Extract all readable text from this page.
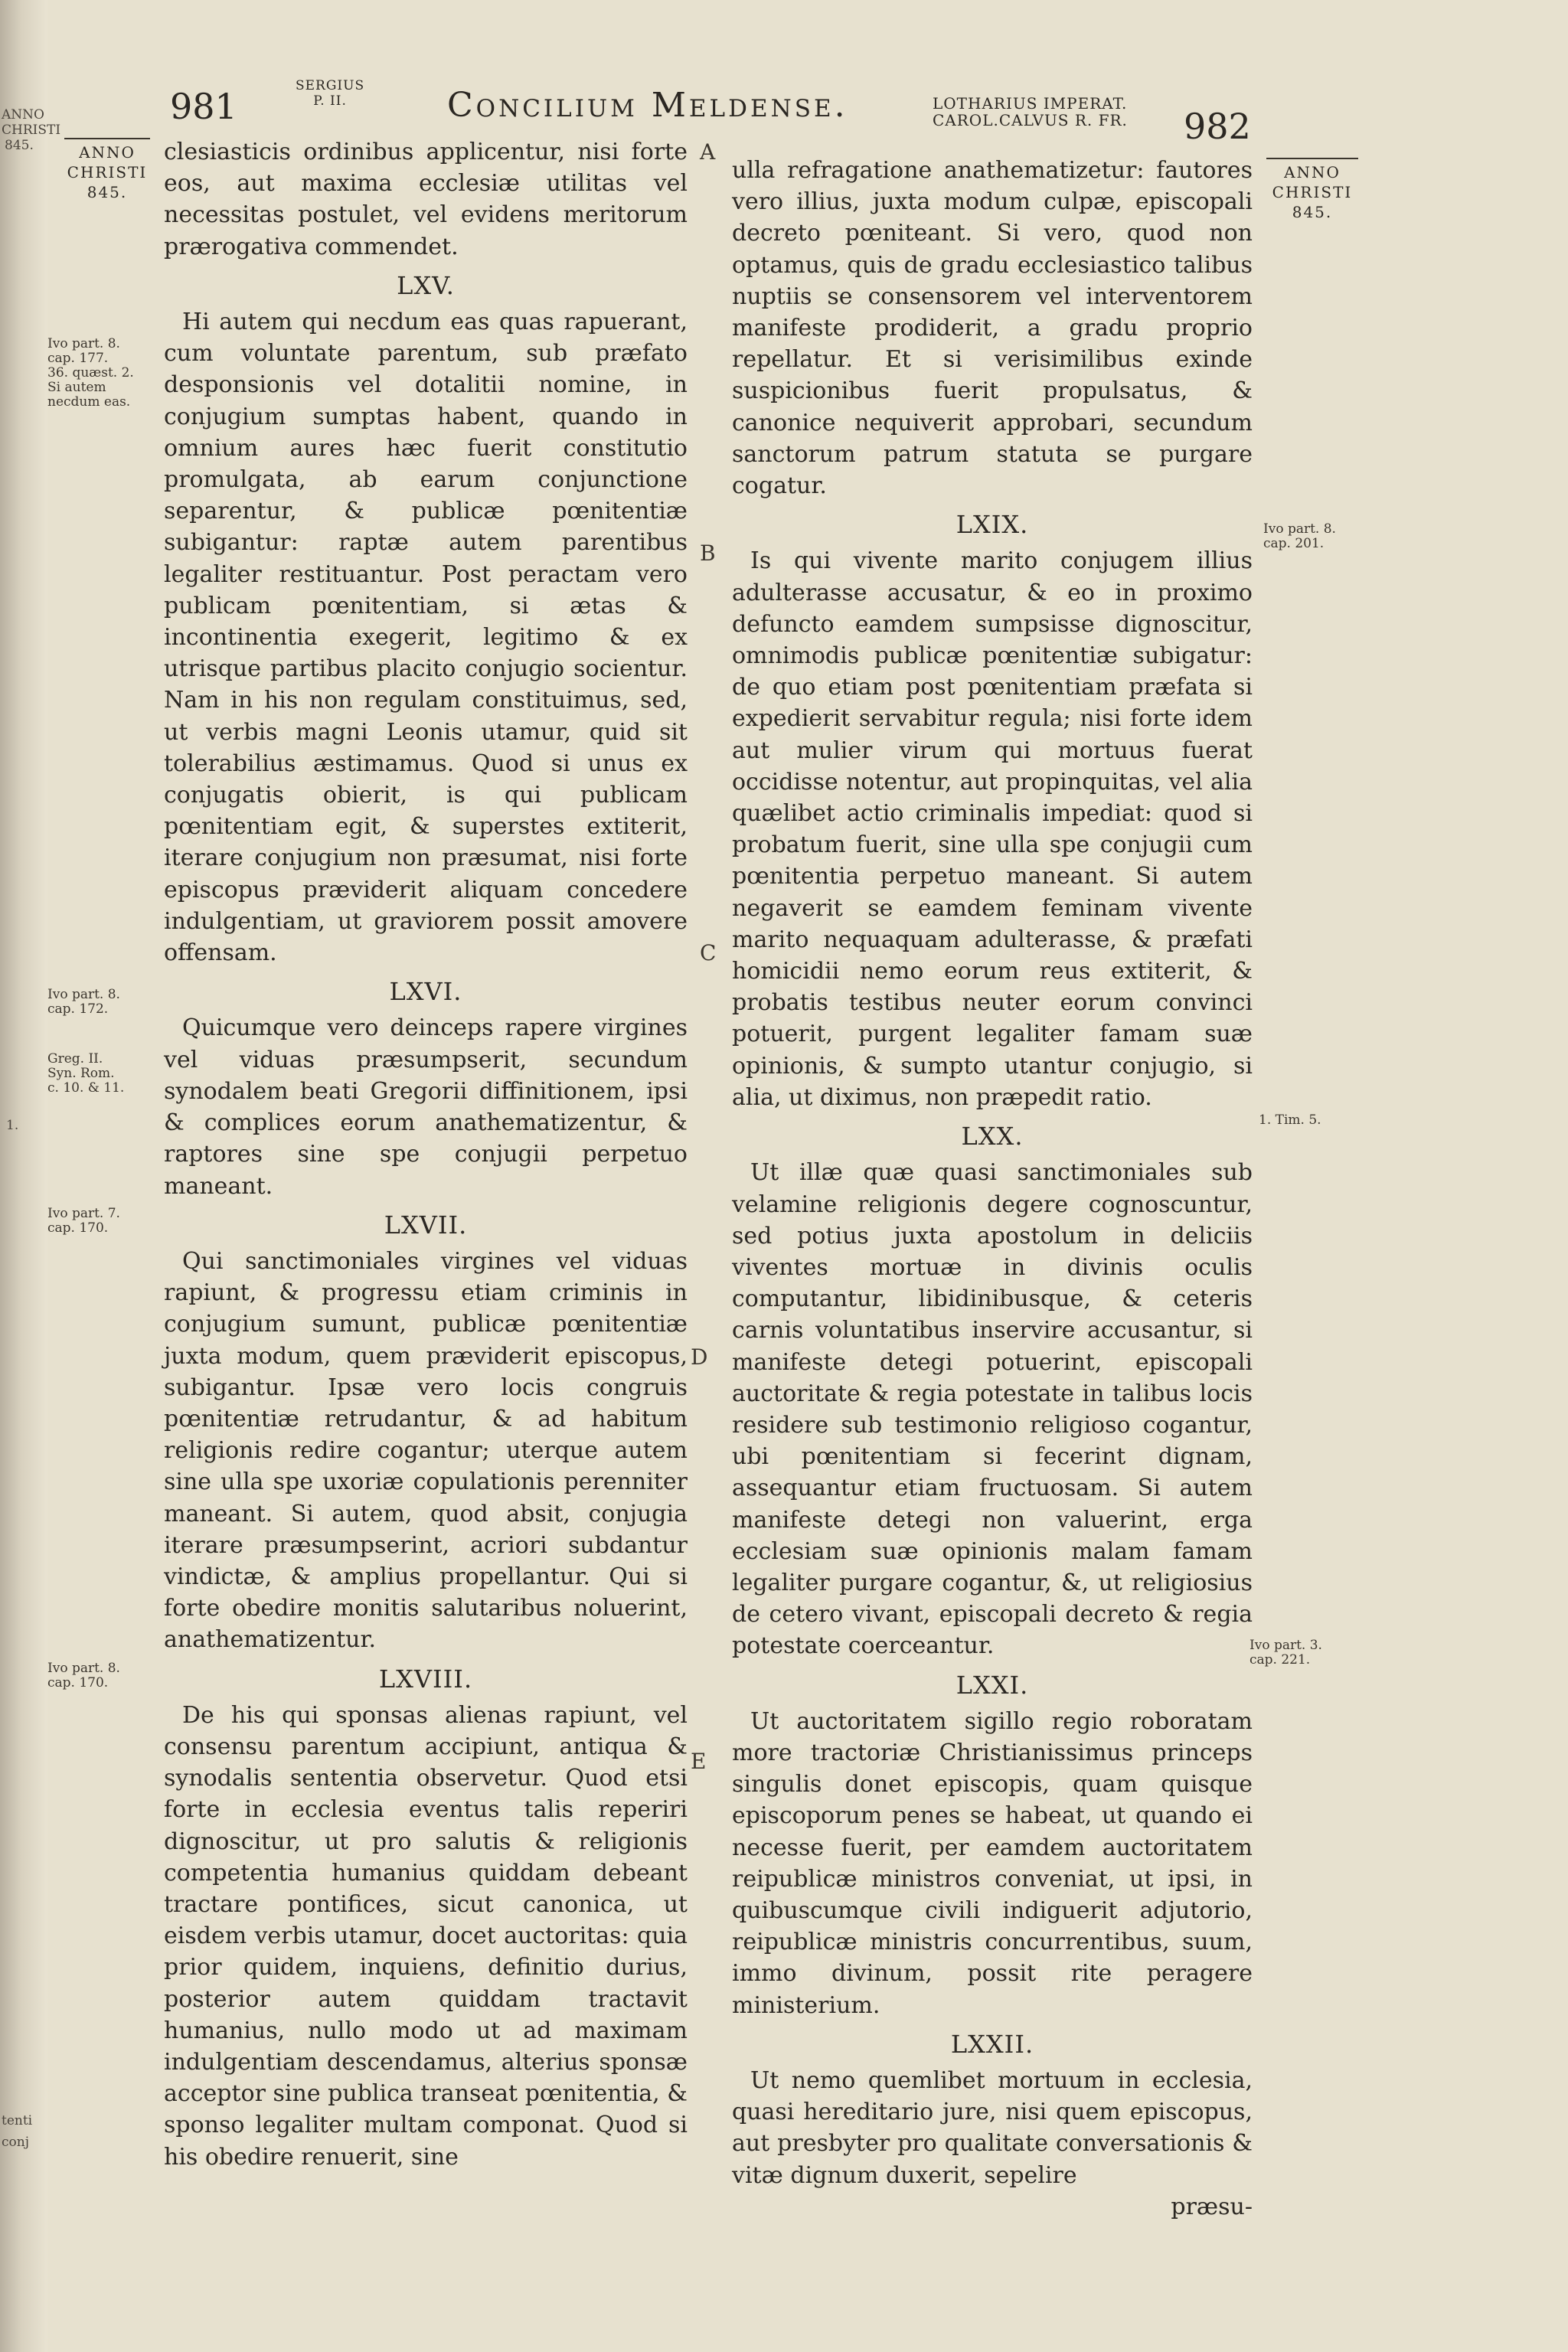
ANNO
CHRISTI
845.
1.
tenti
conj
981	SERGIUS
P. II.	Concilium Meldense.	LOTHARIUS IMPERAT.
CAROL.CALVUS R. FR. 982
ANNO
CHRISTI
845.
ANNO
CHRISTI
845.
Ivo part. 8.
cap. 177.
36. quæst. 2.
Si autem
necdum eas.
Ivo part. 8.
cap. 172.
Greg. II.
Syn. Rom.
c. 10. & 11.
Ivo part. 7.
cap. 170.
Ivo part. 8.
cap. 170.
Ivo part. 8.
cap. 201.
1. Tim. 5.
Ivo part. 3.
cap. 221.
A
B
C
D
E

clesiasticis ordinibus applicentur, nisi forte eos, aut maxima ecclesiæ utilitas vel necessitas postulet, vel evidens meritorum prærogativa commendet.

LXV.

Hi autem qui necdum eas quas rapuerant, cum voluntate parentum, sub præfato desponsionis vel dotalitii nomine, in conjugium sumptas habent, quando in omnium aures hæc fuerit constitutio promulgata, ab earum conjunctione separentur, & publicæ pœnitentiæ subigantur: raptæ autem parentibus legaliter restituantur. Post peractam vero publicam pœnitentiam, si ætas & incontinentia exegerit, legitimo & ex utrisque partibus placito conjugio socientur. Nam in his non regulam constituimus, sed, ut verbis magni Leonis utamur, quid sit tolerabilius æstimamus. Quod si unus ex conjugatis obierit, is qui publicam pœnitentiam egit, & superstes extiterit, iterare conjugium non præsumat, nisi forte episcopus præviderit aliquam concedere indulgentiam, ut graviorem possit amovere offensam.

LXVI.

Quicumque vero deinceps rapere virgines vel viduas præsumpserit, secundum synodalem beati Gregorii diffinitionem, ipsi & complices eorum anathematizentur, & raptores sine spe conjugii perpetuo maneant.

LXVII.

Qui sanctimoniales virgines vel viduas rapiunt, & progressu etiam criminis in conjugium sumunt, publicæ pœnitentiæ juxta modum, quem præviderit episcopus, subigantur. Ipsæ vero locis congruis pœnitentiæ retrudantur, & ad habitum religionis redire cogantur; uterque autem sine ulla spe uxoriæ copulationis perenniter maneant. Si autem, quod absit, conjugia iterare præsumpserint, acriori subdantur vindictæ, & amplius propellantur. Qui si forte obedire monitis salutaribus noluerint, anathematizentur.

LXVIII.

De his qui sponsas alienas rapiunt, vel consensu parentum accipiunt, antiqua & synodalis sententia observetur. Quod etsi forte in ecclesia eventus talis reperiri dignoscitur, ut pro salutis & religionis competentia humanius quiddam debeant tractare pontifices, sicut canonica, ut eisdem verbis utamur, docet auctoritas: quia prior quidem, inquiens, definitio durius, posterior autem quiddam tractavit humanius, nullo modo ut ad maximam indulgentiam descendamus, alterius sponsæ acceptor sine publica transeat pœnitentia, & sponso legaliter multam componat. Quod si his obedire renuerit, sine

ulla refragatione anathematizetur: fautores vero illius, juxta modum culpæ, episcopali decreto pœniteant. Si vero, quod non optamus, quis de gradu ecclesiastico talibus nuptiis se consensorem vel interventorem manifeste prodiderit, a gradu proprio repellatur. Et si verisimilibus exinde suspicionibus fuerit propulsatus, & canonice nequiverit approbari, secundum sanctorum patrum statuta se purgare cogatur.

LXIX.

Is qui vivente marito conjugem illius adulterasse accusatur, & eo in proximo defuncto eamdem sumpsisse dignoscitur, omnimodis publicæ pœnitentiæ subigatur: de quo etiam post pœnitentiam præfata si expedierit servabitur regula; nisi forte idem aut mulier virum qui mortuus fuerat occidisse notentur, aut propinquitas, vel alia quælibet actio criminalis impediat: quod si probatum fuerit, sine ulla spe conjugii cum pœnitentia perpetuo maneant. Si autem negaverit se eamdem feminam vivente marito nequaquam adulterasse, & præfati homicidii nemo eorum reus extiterit, & probatis testibus neuter eorum convinci potuerit, purgent legaliter famam suæ opinionis, & sumpto utantur conjugio, si alia, ut diximus, non præpedit ratio.

LXX.

Ut illæ quæ quasi sanctimoniales sub velamine religionis degere cognoscuntur, sed potius juxta apostolum in deliciis viventes mortuæ in divinis oculis computantur, libidinibusque, & ceteris carnis voluntatibus inservire accusantur, si manifeste detegi potuerint, episcopali auctoritate & regia potestate in talibus locis residere sub testimonio religioso cogantur, ubi pœnitentiam si fecerint dignam, assequantur etiam fructuosam. Si autem manifeste detegi non valuerint, erga ecclesiam suæ opinionis malam famam legaliter purgare cogantur, &, ut religiosius de cetero vivant, episcopali decreto & regia potestate coerceantur.

LXXI.

Ut auctoritatem sigillo regio roboratam more tractoriæ Christianissimus princeps singulis donet episcopis, quam quisque episcoporum penes se habeat, ut quando ei necesse fuerit, per eamdem auctoritatem reipublicæ ministros conveniat, ut ipsi, in quibuscumque civili indiguerit adjutorio, reipublicæ ministris concurrentibus, suum, immo divinum, possit rite peragere ministerium.

LXXII.

Ut nemo quemlibet mortuum in ecclesia, quasi hereditario jure, nisi quem episcopus, aut presbyter pro qualitate conversationis & vitæ dignum duxerit, sepelire

præsu-
